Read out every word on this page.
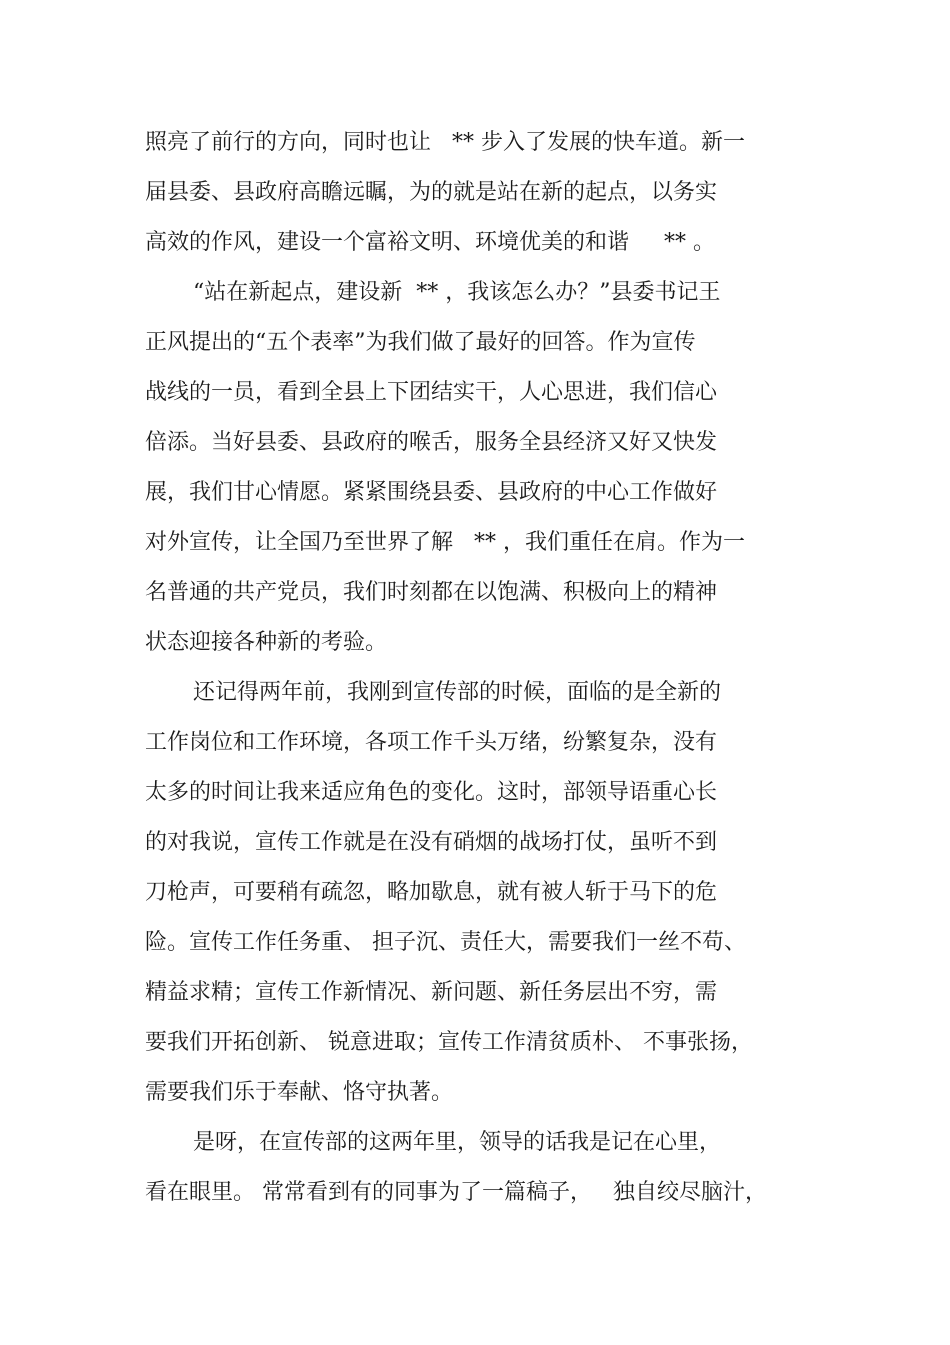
照亮了前行的方向，同时也让   ** 步入了发展的快车道。新一
届县委、县政府高瞻远瞩，为的就是站在新的起点，以务实
高效的作风，建设一个富裕文明、环境优美的和谐     ** 。
“站在新起点，建设新  ** ，我该怎么办？”县委书记王
正风提出的“五个表率”为我们做了最好的回答。作为宣传
战线的一员，看到全县上下团结实干，人心思进，我们信心
倍添。当好县委、县政府的喉舌，服务全县经济又好又快发
展，我们甘心情愿。紧紧围绕县委、县政府的中心工作做好
对外宣传，让全国乃至世界了解   ** ，我们重任在肩。作为一
名普通的共产党员，我们时刻都在以饱满、积极向上的精神
状态迎接各种新的考验。
还记得两年前，我刚到宣传部的时候，面临的是全新的
工作岗位和工作环境，各项工作千头万绪，纷繁复杂，没有
太多的时间让我来适应角色的变化。这时，部领导语重心长
的对我说，宣传工作就是在没有硝烟的战场打仗，虽听不到
刀枪声，可要稍有疏忽，略加歇息，就有被人斩于马下的危
险。宣传工作任务重、 担子沉、责任大，需要我们一丝不苟、
精益求精；宣传工作新情况、新问题、新任务层出不穷，需
要我们开拓创新、 锐意进取；宣传工作清贫质朴、 不事张扬，
需要我们乐于奉献、恪守执著。
是呀，在宣传部的这两年里，领导的话我是记在心里，
看在眼里。 常常看到有的同事为了一篇稿子，   独自绞尽脑汁，
